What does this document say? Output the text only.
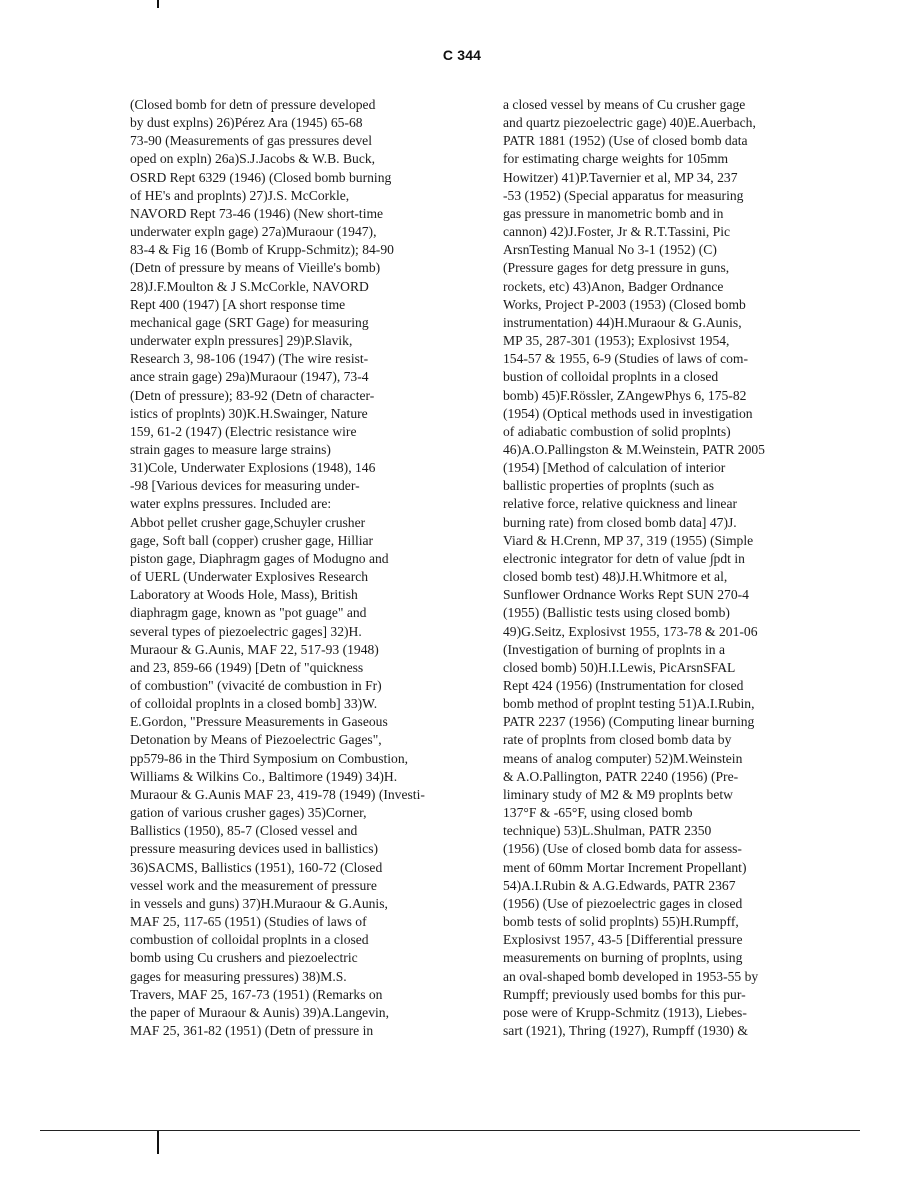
C 344
(Closed bomb for detn of pressure developed
by dust explns) 26)Pérez Ara (1945) 65-68
73-90 (Measurements of gas pressures devel
oped on expln) 26a)S.J.Jacobs & W.B. Buck,
OSRD Rept 6329 (1946) (Closed bomb burning
of HE's and proplnts) 27)J.S. McCorkle,
NAVORD Rept 73-46 (1946) (New short-time
underwater expln gage) 27a)Muraour (1947),
83-4 & Fig 16 (Bomb of Krupp-Schmitz); 84-90
(Detn of pressure by means of Vieille's bomb)
28)J.F.Moulton & J S.McCorkle, NAVORD
Rept 400 (1947) [A short response time
mechanical gage (SRT Gage) for measuring
underwater expln pressures] 29)P.Slavik,
Research 3, 98-106 (1947) (The wire resist-
ance strain gage) 29a)Muraour (1947), 73-4
(Detn of pressure); 83-92 (Detn of character-
istics of proplnts) 30)K.H.Swainger, Nature
159, 61-2 (1947) (Electric resistance wire
strain gages to measure large strains)
31)Cole, Underwater Explosions (1948), 146
-98 [Various devices for measuring under-
water explns pressures. Included are:
Abbot pellet crusher gage,Schuyler crusher
gage, Soft ball (copper) crusher gage, Hilliar
piston gage, Diaphragm gages of Modugno and
of UERL (Underwater Explosives Research
Laboratory at Woods Hole, Mass), British
diaphragm gage, known as "pot guage" and
several types of piezoelectric gages] 32)H.
Muraour & G.Aunis, MAF 22, 517-93 (1948)
and 23, 859-66 (1949) [Detn of "quickness
of combustion" (vivacité de combustion in Fr)
of colloidal proplnts in a closed bomb] 33)W.
E.Gordon, "Pressure Measurements in Gaseous
Detonation by Means of Piezoelectric Gages",
pp579-86 in the Third Symposium on Combustion,
Williams & Wilkins Co., Baltimore (1949) 34)H.
Muraour & G.Aunis MAF 23, 419-78 (1949) (Investi-
gation of various crusher gages) 35)Corner,
Ballistics (1950), 85-7 (Closed vessel and
pressure measuring devices used in ballistics)
36)SACMS, Ballistics (1951), 160-72 (Closed
vessel work and the measurement of pressure
in vessels and guns) 37)H.Muraour & G.Aunis,
MAF 25, 117-65 (1951) (Studies of laws of
combustion of colloidal proplnts in a closed
bomb using Cu crushers and piezoelectric
gages for measuring pressures) 38)M.S.
Travers, MAF 25, 167-73 (1951) (Remarks on
the paper of Muraour & Aunis) 39)A.Langevin,
MAF 25, 361-82 (1951) (Detn of pressure in
a closed vessel by means of Cu crusher gage
and quartz piezoelectric gage) 40)E.Auerbach,
PATR 1881 (1952) (Use of closed bomb data
for estimating charge weights for 105mm
Howitzer) 41)P.Tavernier et al, MP 34, 237
-53 (1952) (Special apparatus for measuring
gas pressure in manometric bomb and in
cannon) 42)J.Foster, Jr & R.T.Tassini, Pic
ArsnTesting Manual No 3-1 (1952) (C)
(Pressure gages for detg pressure in guns,
rockets, etc) 43)Anon, Badger Ordnance
Works, Project P-2003 (1953) (Closed bomb
instrumentation) 44)H.Muraour & G.Aunis,
MP 35, 287-301 (1953); Explosivst 1954,
154-57 & 1955, 6-9 (Studies of laws of com-
bustion of colloidal proplnts in a closed
bomb) 45)F.Rössler, ZAngewPhys 6, 175-82
(1954) (Optical methods used in investigation
of adiabatic combustion of solid proplnts)
46)A.O.Pallingston & M.Weinstein, PATR 2005
(1954) [Method of calculation of interior
ballistic properties of proplnts (such as
relative force, relative quickness and linear
burning rate) from closed bomb data] 47)J.
Viard & H.Crenn, MP 37, 319 (1955) (Simple
electronic integrator for detn of value ∫pdt in
closed bomb test) 48)J.H.Whitmore et al,
Sunflower Ordnance Works Rept SUN 270-4
(1955) (Ballistic tests using closed bomb)
49)G.Seitz, Explosivst 1955, 173-78 & 201-06
(Investigation of burning of proplnts in a
closed bomb) 50)H.I.Lewis, PicArsnSFAL
Rept 424 (1956) (Instrumentation for closed
bomb method of proplnt testing 51)A.I.Rubin,
PATR 2237 (1956) (Computing linear burning
rate of proplnts from closed bomb data by
means of analog computer) 52)M.Weinstein
& A.O.Pallington, PATR 2240 (1956) (Pre-
liminary study of M2 & M9 proplnts betw
137°F & -65°F, using closed bomb
technique) 53)L.Shulman, PATR 2350
(1956) (Use of closed bomb data for assess-
ment of 60mm Mortar Increment Propellant)
54)A.I.Rubin & A.G.Edwards, PATR 2367
(1956) (Use of piezoelectric gages in closed
bomb tests of solid proplnts) 55)H.Rumpff,
Explosivst 1957, 43-5 [Differential pressure
measurements on burning of proplnts, using
an oval-shaped bomb developed in 1953-55 by
Rumpff; previously used bombs for this pur-
pose were of Krupp-Schmitz (1913), Liebes-
sart (1921), Thring (1927), Rumpff (1930) &
